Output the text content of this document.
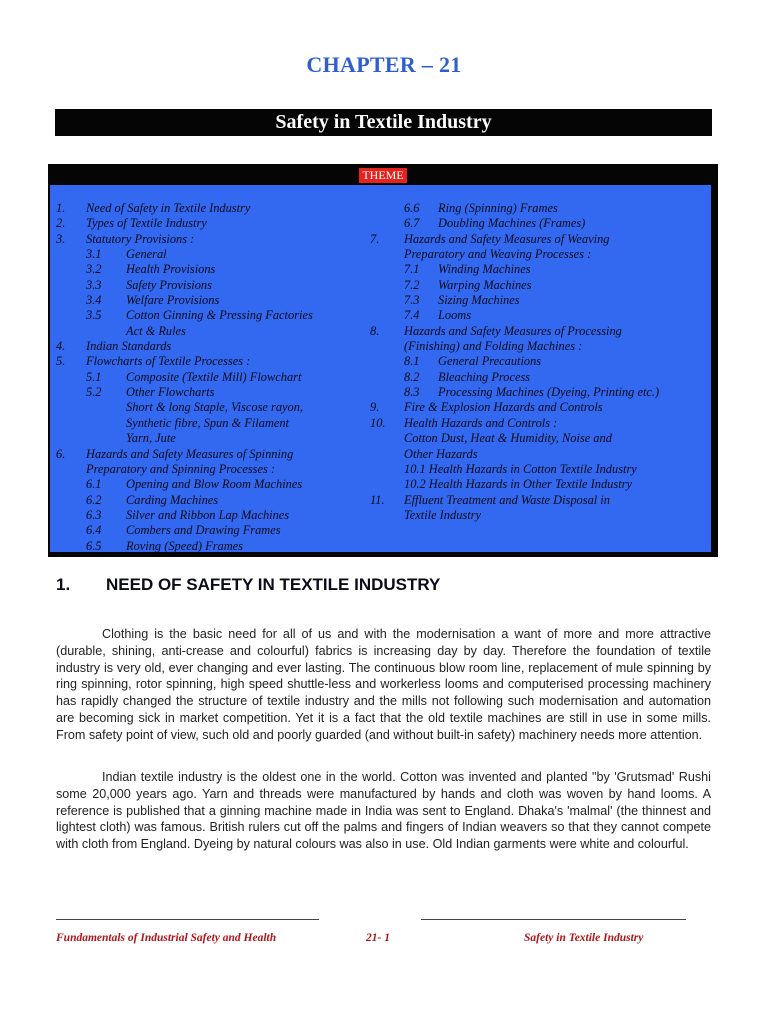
CHAPTER – 21
Safety in Textile Industry
THEME
1. Need of Safety in Textile Industry
2. Types of Textile Industry
3. Statutory Provisions :
3.1 General
3.2 Health Provisions
3.3 Safety Provisions
3.4 Welfare Provisions
3.5 Cotton Ginning & Pressing Factories
Act & Rules
4. Indian Standards
5. Flowcharts of Textile Processes :
5.1 Composite (Textile Mill) Flowchart
5.2 Other Flowcharts
Short & long Staple, Viscose rayon,
Synthetic fibre, Spun & Filament
Yarn, Jute
6. Hazards and Safety Measures of Spinning
Preparatory and Spinning Processes :
6.1 Opening and Blow Room Machines
6.2 Carding Machines
6.3 Silver and Ribbon Lap Machines
6.4 Combers and Drawing Frames
6.5 Roving (Speed) Frames
6.6 Ring (Spinning) Frames
6.7 Doubling Machines (Frames)
7. Hazards and Safety Measures of Weaving
Preparatory and Weaving Processes :
7.1 Winding Machines
7.2 Warping Machines
7.3 Sizing Machines
7.4 Looms
8. Hazards and Safety Measures of Processing
(Finishing) and Folding Machines :
8.1 General Precautions
8.2 Bleaching Process
8.3 Processing Machines (Dyeing, Printing etc.)
9. Fire & Explosion Hazards and Controls
10. Health Hazards and Controls :
Cotton Dust, Heat & Humidity, Noise and
Other Hazards
10.1 Health Hazards in Cotton Textile Industry
10.2 Health Hazards in Other Textile Industry
11. Effluent Treatment and Waste Disposal in
Textile Industry
1. NEED OF SAFETY IN TEXTILE INDUSTRY
Clothing is the basic need for all of us and with the modernisation a want of more and more attractive (durable, shining, anti-crease and colourful) fabrics is increasing day by day. Therefore the foundation of textile industry is very old, ever changing and ever lasting. The continuous blow room line, replacement of mule spinning by ring spinning, rotor spinning, high speed shuttle-less and workerless looms and computerised processing machinery has rapidly changed the structure of textile industry and the mills not following such modernisation and automation are becoming sick in market competition. Yet it is a fact that the old textile machines are still in use in some mills. From safety point of view, such old and poorly guarded (and without built-in safety) machinery needs more attention.
Indian textile industry is the oldest one in the world. Cotton was invented and planted "by 'Grutsmad' Rushi some 20,000 years ago. Yarn and threads were manufactured by hands and cloth was woven by hand looms. A reference is published that a ginning machine made in India was sent to England. Dhaka's 'malmal' (the thinnest and lightest cloth) was famous. British rulers cut off the palms and fingers of Indian weavers so that they cannot compete with cloth from England. Dyeing by natural colours was also in use. Old Indian garments were white and colourful.
Fundamentals of Industrial Safety and Health	21- 1	Safety in Textile Industry
